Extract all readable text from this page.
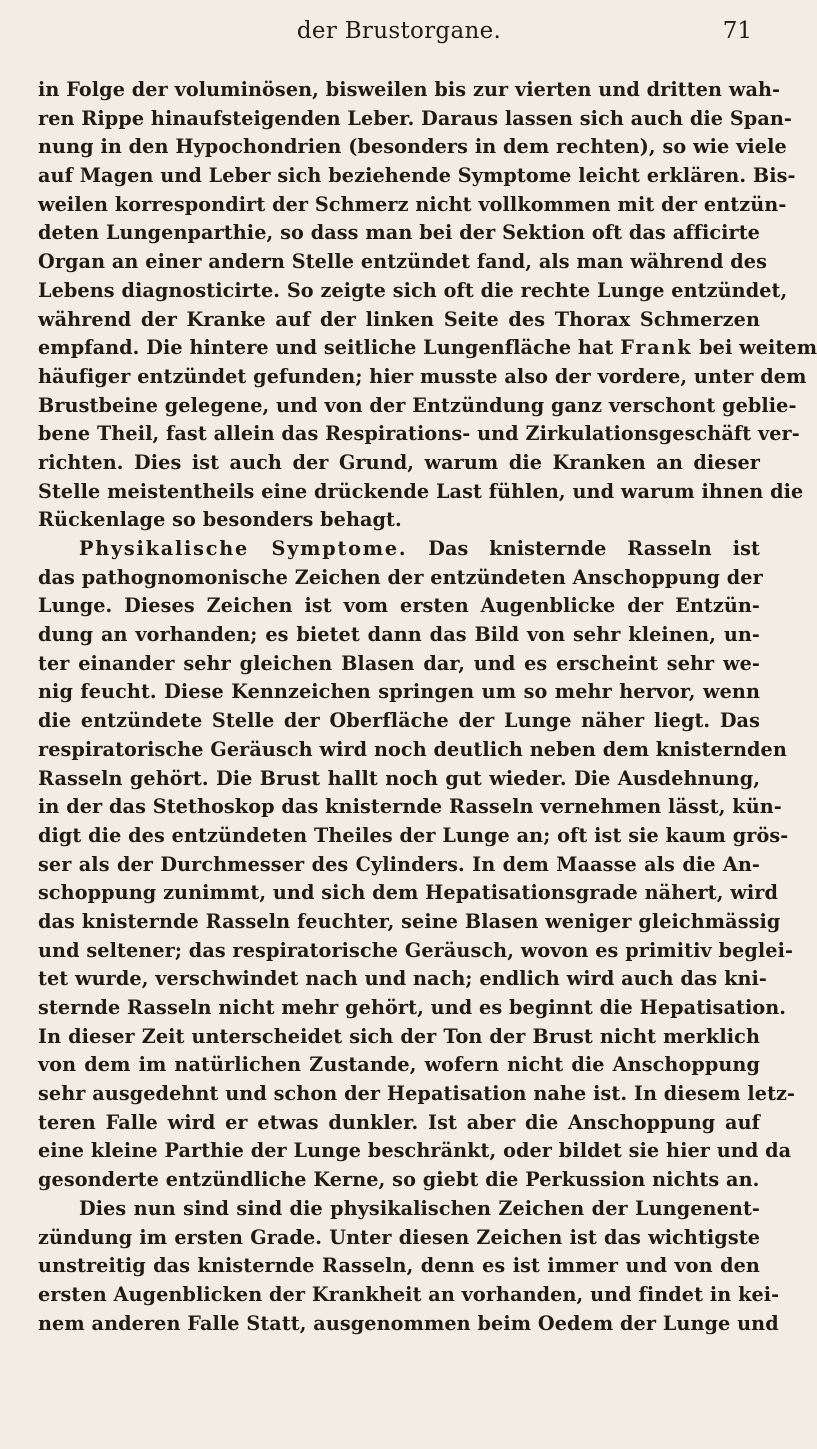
der Brustorgane.	71
in Folge der voluminösen, bisweilen bis zur vierten und dritten wah-
ren Rippe hinaufsteigenden Leber. Daraus lassen sich auch die Span-
nung in den Hypochondrien (besonders in dem rechten), so wie viele
auf Magen und Leber sich beziehende Symptome leicht erklären. Bis-
weilen korrespondirt der Schmerz nicht vollkommen mit der entzün-
deten Lungenparthie, so dass man bei der Sektion oft das afficirte
Organ an einer andern Stelle entzündet fand, als man während des
Lebens diagnosticirte. So zeigte sich oft die rechte Lunge entzündet,
während der Kranke auf der linken Seite des Thorax Schmerzen
empfand. Die hintere und seitliche Lungenfläche hat Frank bei weitem
häufiger entzündet gefunden; hier musste also der vordere, unter dem
Brustbeine gelegene, und von der Entzündung ganz verschont geblie-
bene Theil, fast allein das Respirations- und Zirkulationsgeschäft ver-
richten. Dies ist auch der Grund, warum die Kranken an dieser
Stelle meistentheils eine drückende Last fühlen, und warum ihnen die
Rückenlage so besonders behagt.
Physikalische Symptome. Das knisternde Rasseln ist
das pathognomonische Zeichen der entzündeten Anschoppung der
Lunge. Dieses Zeichen ist vom ersten Augenblicke der Entzün-
dung an vorhanden; es bietet dann das Bild von sehr kleinen, un-
ter einander sehr gleichen Blasen dar, und es erscheint sehr we-
nig feucht. Diese Kennzeichen springen um so mehr hervor, wenn
die entzündete Stelle der Oberfläche der Lunge näher liegt. Das
respiratorische Geräusch wird noch deutlich neben dem knisternden
Rasseln gehört. Die Brust hallt noch gut wieder. Die Ausdehnung,
in der das Stethoskop das knisternde Rasseln vernehmen lässt, kün-
digt die des entzündeten Theiles der Lunge an; oft ist sie kaum grös-
ser als der Durchmesser des Cylinders. In dem Maasse als die An-
schoppung zunimmt, und sich dem Hepatisationsgrade nähert, wird
das knisternde Rasseln feuchter, seine Blasen weniger gleichmässig
und seltener; das respiratorische Geräusch, wovon es primitiv beglei-
tet wurde, verschwindet nach und nach; endlich wird auch das kni-
sternde Rasseln nicht mehr gehört, und es beginnt die Hepatisation.
In dieser Zeit unterscheidet sich der Ton der Brust nicht merklich
von dem im natürlichen Zustande, wofern nicht die Anschoppung
sehr ausgedehnt und schon der Hepatisation nahe ist. In diesem letz-
teren Falle wird er etwas dunkler. Ist aber die Anschoppung auf
eine kleine Parthie der Lunge beschränkt, oder bildet sie hier und da
gesonderte entzündliche Kerne, so giebt die Perkussion nichts an.
Dies nun sind sind die physikalischen Zeichen der Lungenent-
zündung im ersten Grade. Unter diesen Zeichen ist das wichtigste
unstreitig das knisternde Rasseln, denn es ist immer und von den
ersten Augenblicken der Krankheit an vorhanden, und findet in kei-
nem anderen Falle Statt, ausgenommen beim Oedem der Lunge und
